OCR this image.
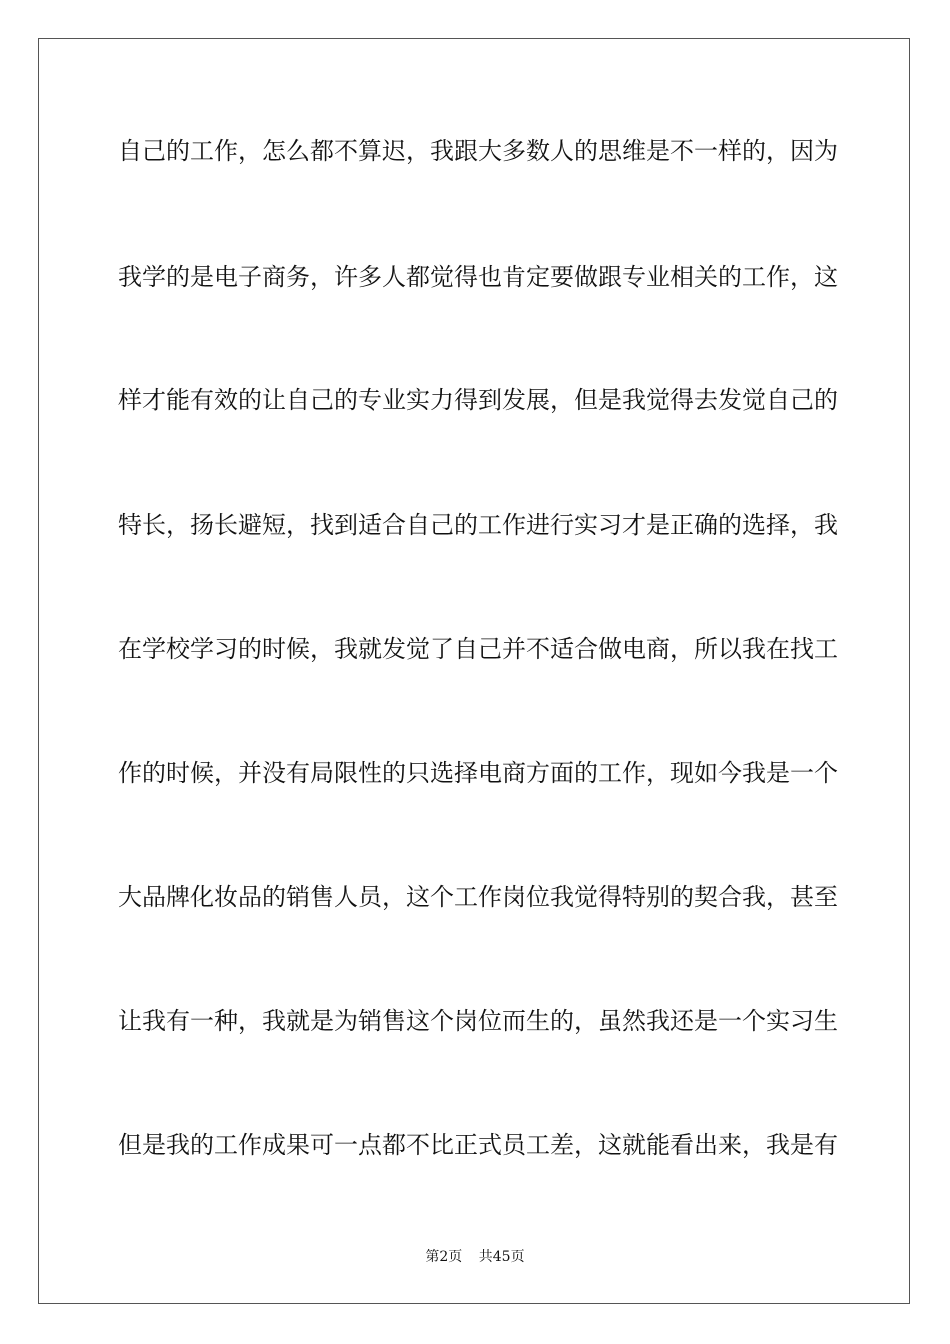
自己的工作，怎么都不算迟，我跟大多数人的思维是不一样的，因为
我学的是电子商务，许多人都觉得也肯定要做跟专业相关的工作，这
样才能有效的让自己的专业实力得到发展，但是我觉得去发觉自己的
特长，扬长避短，找到适合自己的工作进行实习才是正确的选择，我
在学校学习的时候，我就发觉了自己并不适合做电商，所以我在找工
作的时候，并没有局限性的只选择电商方面的工作，现如今我是一个
大品牌化妆品的销售人员，这个工作岗位我觉得特别的契合我，甚至
让我有一种，我就是为销售这个岗位而生的，虽然我还是一个实习生
但是我的工作成果可一点都不比正式员工差，这就能看出来，我是有
第2页 共45页
